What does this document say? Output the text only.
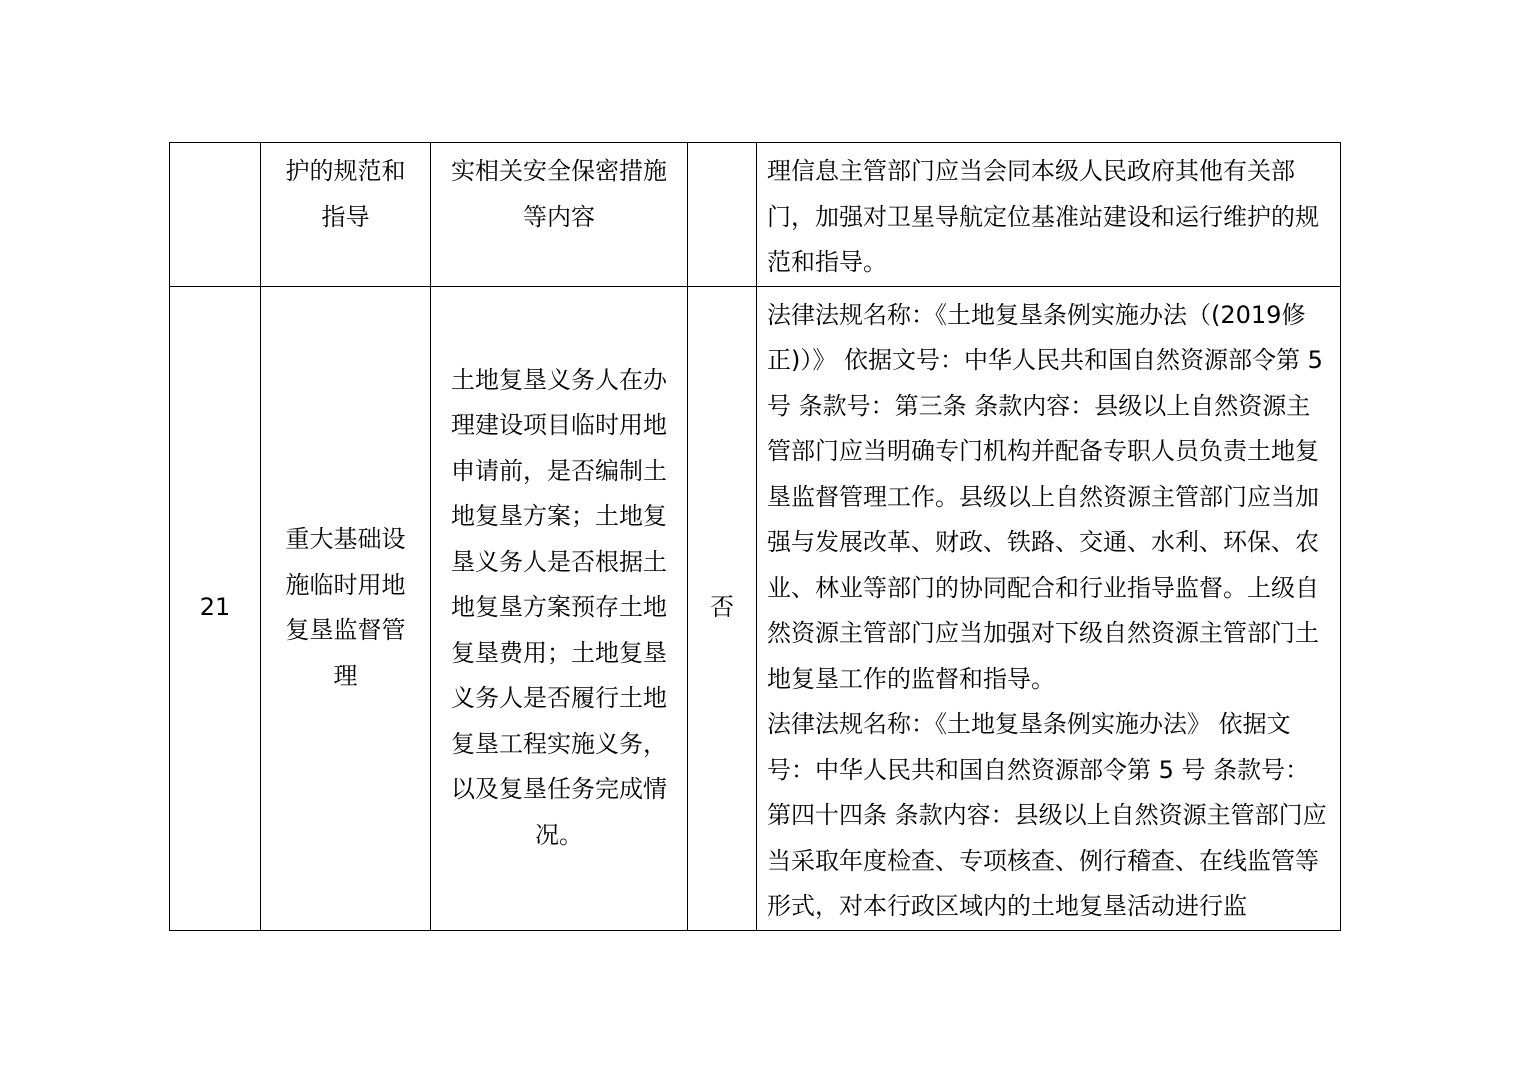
	护的规范和指导	实相关安全保密措施等内容		理信息主管部门应当会同本级人民政府其他有关部门，加强对卫星导航定位基准站建设和运行维护的规范和指导。

21	重大基础设施临时用地复垦监督管理	土地复垦义务人在办理建设项目临时用地申请前，是否编制土地复垦方案；土地复垦义务人是否根据土地复垦方案预存土地复垦费用；土地复垦义务人是否履行土地复垦工程实施义务，以及复垦任务完成情况。	否	法律法规名称：《土地复垦条例实施办法（(2019修正)）》 依据文号：中华人民共和国自然资源部令第 5 号 条款号：第三条 条款内容：县级以上自然资源主管部门应当明确专门机构并配备专职人员负责土地复垦监督管理工作。县级以上自然资源主管部门应当加强与发展改革、财政、铁路、交通、水利、环保、农业、林业等部门的协同配合和行业指导监督。上级自然资源主管部门应当加强对下级自然资源主管部门土地复垦工作的监督和指导。
法律法规名称：《土地复垦条例实施办法》 依据文号：中华人民共和国自然资源部令第 5 号 条款号：第四十四条 条款内容：县级以上自然资源主管部门应当采取年度检查、专项核查、例行稽查、在线监管等形式，对本行政区域内的土地复垦活动进行监
